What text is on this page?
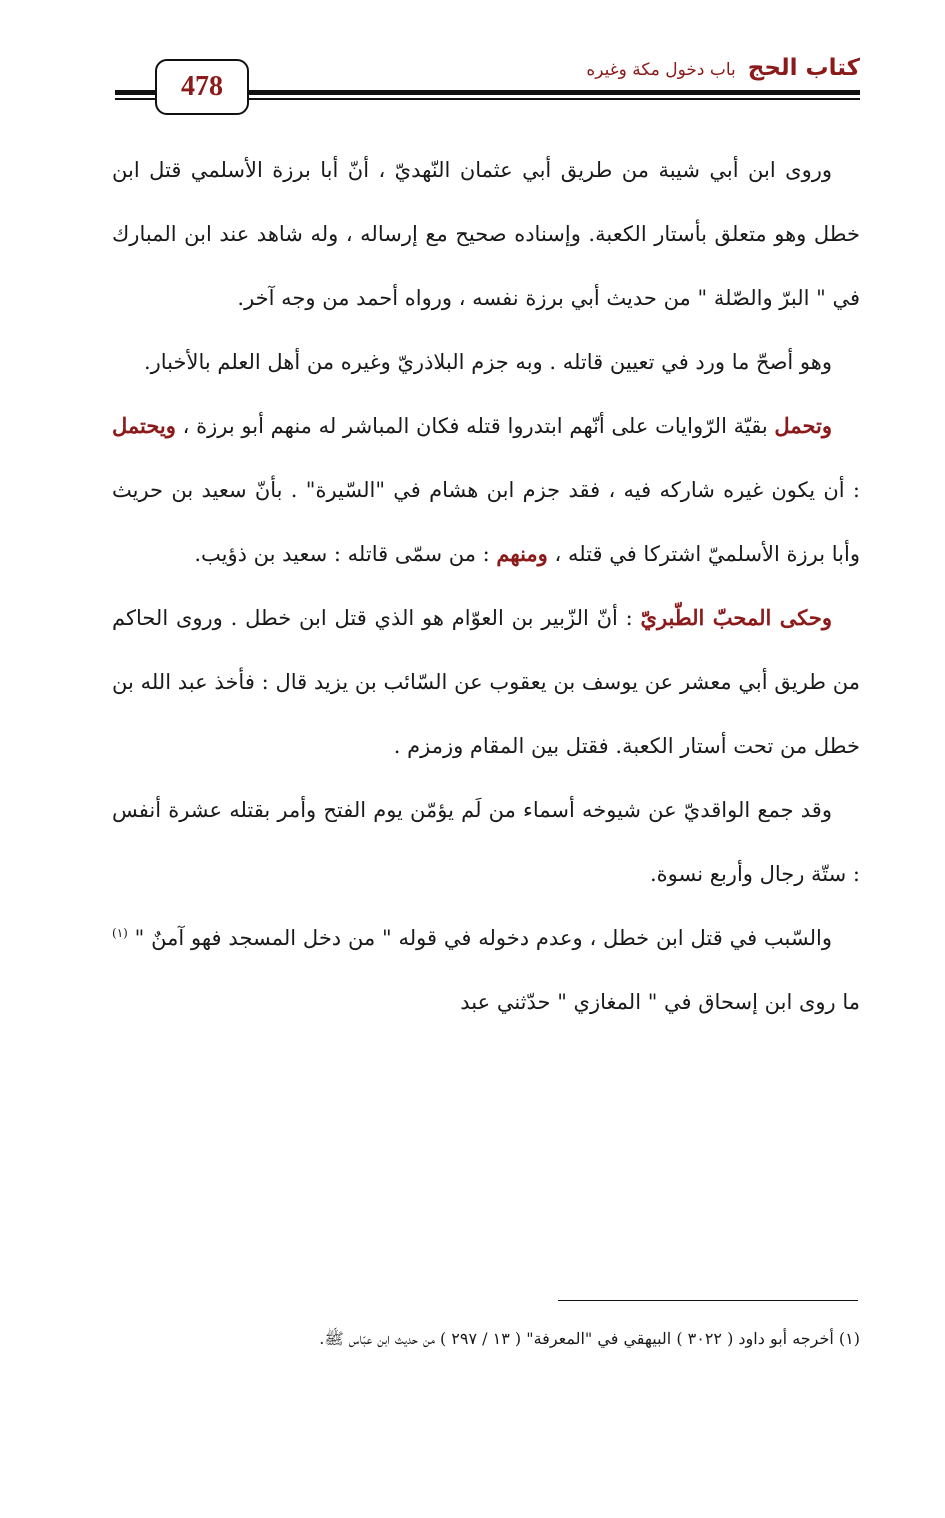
478
كتاب الحج
باب دخول مكة وغيره

وروى ابن أبي شيبة من طريق أبي عثمان النّهديّ ، أنّ أبا برزة الأسلمي قتل ابن خطل وهو متعلق بأستار الكعبة. وإسناده صحيح مع إرساله ، وله شاهد عند ابن المبارك في " البرّ والصّلة " من حديث أبي برزة نفسه ، ورواه أحمد من وجه آخر.

وهو أصحّ ما ورد في تعيين قاتله . وبه جزم البلاذريّ وغيره من أهل العلم بالأخبار.

وتحمل بقيّة الرّوايات على أنّهم ابتدروا قتله فكان المباشر له منهم أبو برزة ، ويحتمل : أن يكون غيره شاركه فيه ، فقد جزم ابن هشام في "السّيرة" . بأنّ سعيد بن حريث وأبا برزة الأسلميّ اشتركا في قتله ، ومنهم : من سمّى قاتله : سعيد بن ذؤيب.

وحكى المحبّ الطّبريّ : أنّ الزّبير بن العوّام هو الذي قتل ابن خطل . وروى الحاكم من طريق أبي معشر عن يوسف بن يعقوب عن السّائب بن يزيد قال : فأخذ عبد الله بن خطل من تحت أستار الكعبة. فقتل بين المقام وزمزم .

وقد جمع الواقديّ عن شيوخه أسماء من لَم يؤمّن يوم الفتح وأمر بقتله عشرة أنفس : ستّة رجال وأربع نسوة.

والسّبب في قتل ابن خطل ، وعدم دخوله في قوله " من دخل المسجد فهو آمنٌ " $^{(١)}$ ما روى ابن إسحاق في " المغازي " حدّثني عبد

(١) أخرجه أبو داود ( ٣٠٢٢ ) البيهقي في "المعرفة" ( ١٣ / ٢٩٧ ) من حديث ابن عبّاس ﷺ.
